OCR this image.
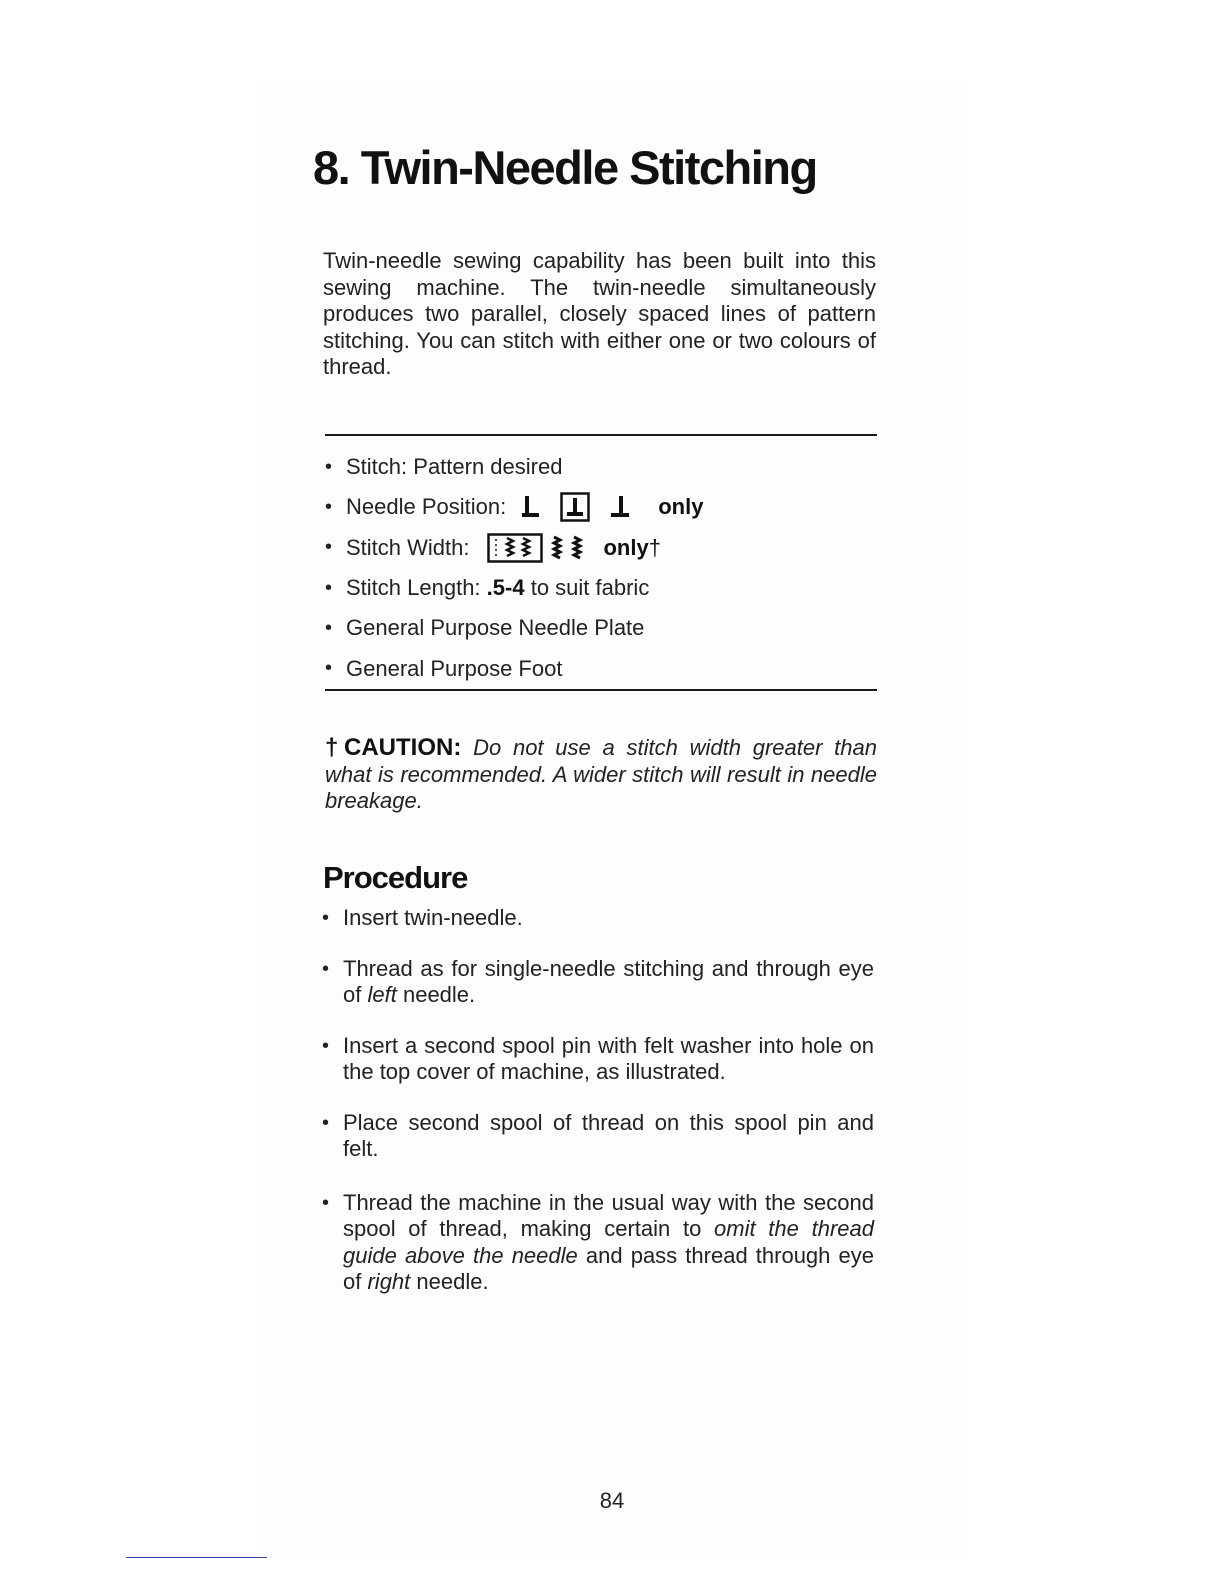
8. Twin-Needle Stitching

Twin-needle sewing capability has been built into this sewing machine. The twin-needle simultaneously produces two parallel, closely spaced lines of pattern stitching. You can stitch with either one or two colours of thread.

• Stitch:
Pattern desired
• Needle Position:	only
• Stitch Width:	only†
• Stitch Length:
.5-4
to suit fabric
• General Purpose Needle Plate
• General Purpose Foot

†CAUTION: Do not use a stitch width greater than what is recommended. A wider stitch will result in needle breakage.

Procedure
• Insert twin-needle.
• Thread as for single-needle stitching and through eye of left needle.
• Insert a second spool pin with felt washer into hole on the top cover of machine, as illustrated.
• Place second spool of thread on this spool pin and felt.
• Thread the machine in the usual way with the second spool of thread, making certain to omit the thread guide above the needle and pass thread through eye of right needle.
84
